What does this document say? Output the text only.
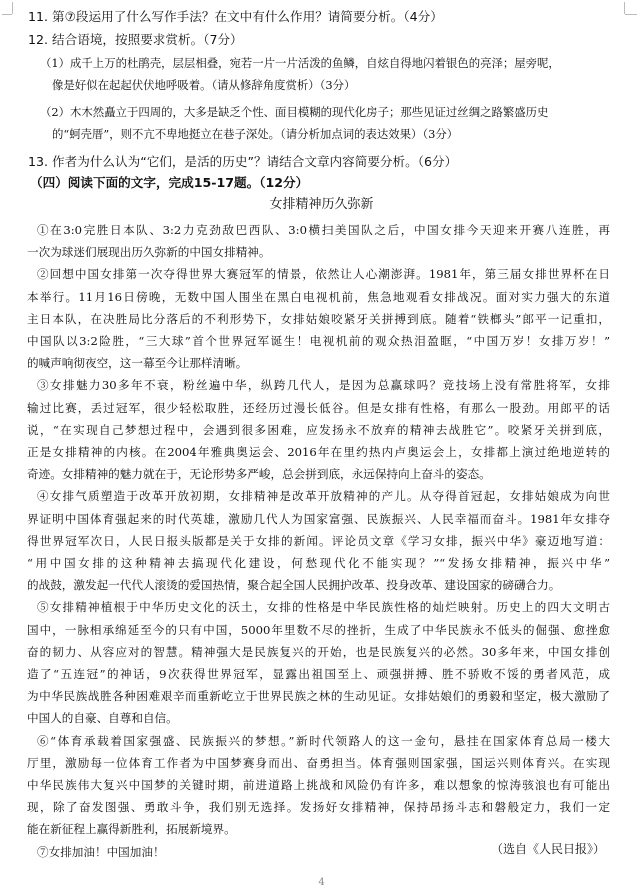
11. 第⑦段运用了什么写作手法？在文中有什么作用？请简要分析。（4分）
12. 结合语境，按照要求赏析。（7分）
（1）成千上万的杜鹃壳，层层相叠，宛若一片一片活泼的鱼鳞，自炫自得地闪着银色的亮泽；屋旁呢，
像是好似在起起伏伏地呼吸着。（请从修辞角度赏析）（3分）
（2）木木然矗立于四周的，大多是缺乏个性、面目模糊的现代化房子；那些见证过丝绸之路繁盛历史
的“蚵壳厝”，则不亢不卑地挺立在巷子深处。（请分析加点词的表达效果）（3分）
13. 作者为什么认为“它们，是活的历史”？请结合文章内容简要分析。（6分）
（四）阅读下面的文字，完成15-17题。（12分）
女排精神历久弥新
①在3:0完胜日本队、3:2力克劲敌巴西队、3:0横扫美国队之后，中国女排今天迎来开赛八连胜，再
一次为球迷们展现出历久弥新的中国女排精神。
②回想中国女排第一次夺得世界大赛冠军的情景，依然让人心潮澎湃。1981年，第三届女排世界杯在日
本举行。11月16日傍晚，无数中国人围坐在黑白电视机前，焦急地观看女排战况。面对实力强大的东道
主日本队，在决胜局比分落后的不利形势下，女排姑娘咬紧牙关拼搏到底。随着“铁榔头”郎平一记重扣，
中国队以3:2险胜，“三大球”首个世界冠军诞生！电视机前的观众热泪盈眶，“中国万岁！女排万岁！”
的喊声响彻夜空，这一幕至今让那样清晰。
③女排魅力30多年不衰，粉丝遍中华，纵跨几代人，是因为总赢球吗？竞技场上没有常胜将军，女排
输过比赛，丢过冠军，很少轻松取胜，还经历过漫长低谷。但是女排有性格，有那么一股劲。用郎平的话
说，“在实现自己梦想过程中，会遇到很多困难，应发扬永不放弃的精神去战胜它”。咬紧牙关拼到底，
正是女排精神的内核。在2004年雅典奥运会、2016年在里约热内卢奥运会上，女排都上演过绝地逆转的
奇迹。女排精神的魅力就在于，无论形势多严峻，总会拼到底，永远保持向上奋斗的姿态。
④女排气质塑造于改革开放初期，女排精神是改革开放精神的产儿。从夺得首冠起，女排姑娘成为向世
界证明中国体育强起来的时代英雄，激励几代人为国家富强、民族振兴、人民幸福而奋斗。1981年女排夺
得世界冠军次日，人民日报头版都是关于女排的新闻。评论员文章《学习女排，振兴中华》豪迈地写道：
“用中国女排的这种精神去搞现代化建设，何愁现代化不能实现？”“发扬女排精神，振兴中华”
的战鼓，激发起一代代人滚烫的爱国热情，聚合起全国人民拥护改革、投身改革、建设国家的磅礴合力。
⑤女排精神植根于中华历史文化的沃土，女排的性格是中华民族性格的灿烂映射。历史上的四大文明古
国中，一脉相承绵延至今的只有中国，5000年里数不尽的挫折，生成了中华民族永不低头的倔强、愈挫愈
奋的韧力、从容应对的智慧。精神强大是民族复兴的开始，也是民族复兴的必然。30多年来，中国女排创
造了“五连冠”的神话，9次获得世界冠军，显露出祖国至上、顽强拼搏、胜不骄败不馁的勇者风范，成
为中华民族战胜各种困难艰辛而重新屹立于世界民族之林的生动见证。女排姑娘们的勇毅和坚定，极大激励了
中国人的自豪、自尊和自信。
⑥“体育承载着国家强盛、民族振兴的梦想。”新时代领路人的这一金句，悬挂在国家体育总局一楼大
厅里，激励每一位体育工作者为中国梦赛身而出、奋勇担当。体育强则国家强，国运兴则体育兴。在实现
中华民族伟大复兴中国梦的关键时期，前进道路上挑战和风险仍有许多，难以想象的惊涛骇浪也有可能出
现，除了奋发图强、勇敢斗争，我们别无选择。发扬好女排精神，保持昂扬斗志和磐般定力，我们一定
能在新征程上赢得新胜利，拓展新境界。
⑦女排加油！中国加油！	（选自《人民日报》）
4
